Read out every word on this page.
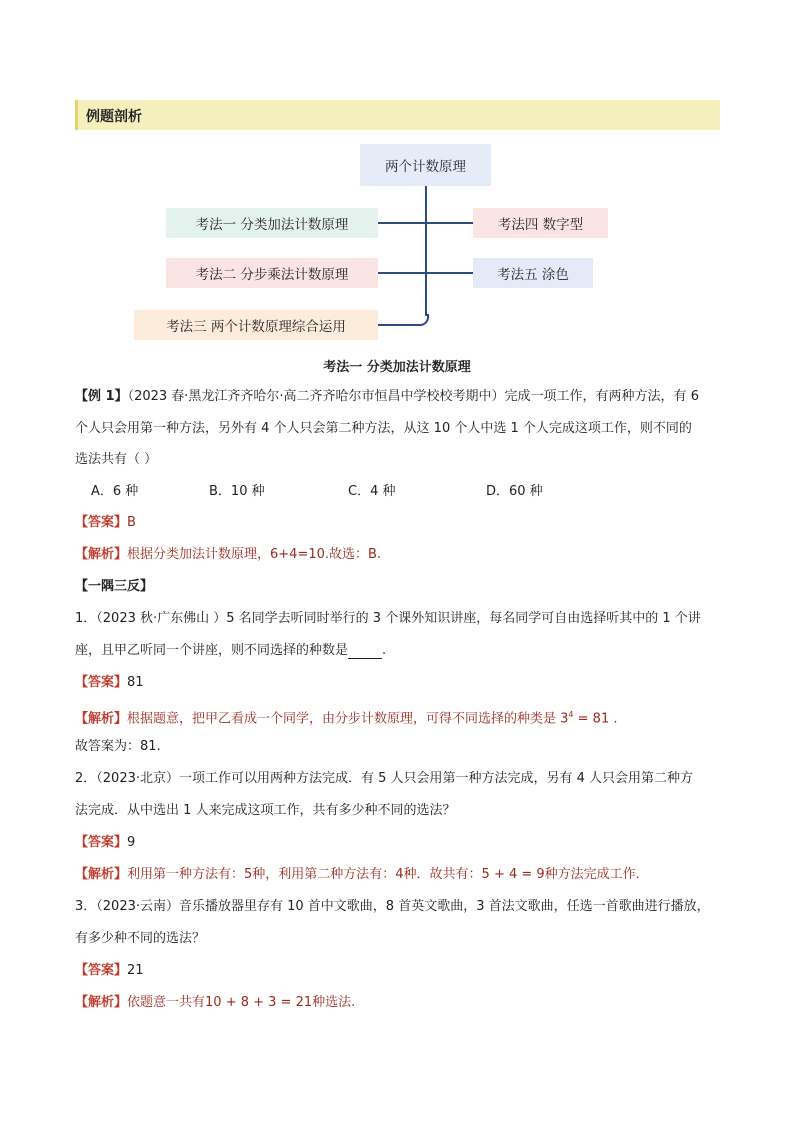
例题剖析
两个计数原理
考法一 分类加法计数原理
考法二 分步乘法计数原理
考法三 两个计数原理综合运用
考法四 数字型
考法五 涂色
考法一 分类加法计数原理
【例 1】（2023 春·黑龙江齐齐哈尔·高二齐齐哈尔市恒昌中学校校考期中）完成一项工作，有两种方法，有 6
个人只会用第一种方法，另外有 4 个人只会第二种方法，从这 10 个人中选 1 个人完成这项工作，则不同的
选法共有（ ）
A．6 种	B．10 种	C．4 种	D．60 种
【答案】B
【解析】根据分类加法计数原理，6+4=10.故选：B.
【一隅三反】
1．（2023 秋·广东佛山 ）5 名同学去听同时举行的 3 个课外知识讲座，每名同学可自由选择听其中的 1 个讲
座，且甲乙听同一个讲座，则不同选择的种数是	.
【答案】81
【解析】根据题意，把甲乙看成一个同学，由分步计数原理，可得不同选择的种类是 $3^4 = 81$ .
故答案为：81.
2．（2023·北京）一项工作可以用两种方法完成．有 5 人只会用第一种方法完成，另有 4 人只会用第二种方
法完成．从中选出 1 人来完成这项工作，共有多少种不同的选法？
【答案】9
【解析】利用第一种方法有：5种，利用第二种方法有：4种．故共有：5 + 4 = 9种方法完成工作．
3．（2023·云南）音乐播放器里存有 10 首中文歌曲，8 首英文歌曲，3 首法文歌曲，任选一首歌曲进行播放，
有多少种不同的选法？
【答案】21
【解析】依题意一共有10 + 8 + 3 = 21种选法.
